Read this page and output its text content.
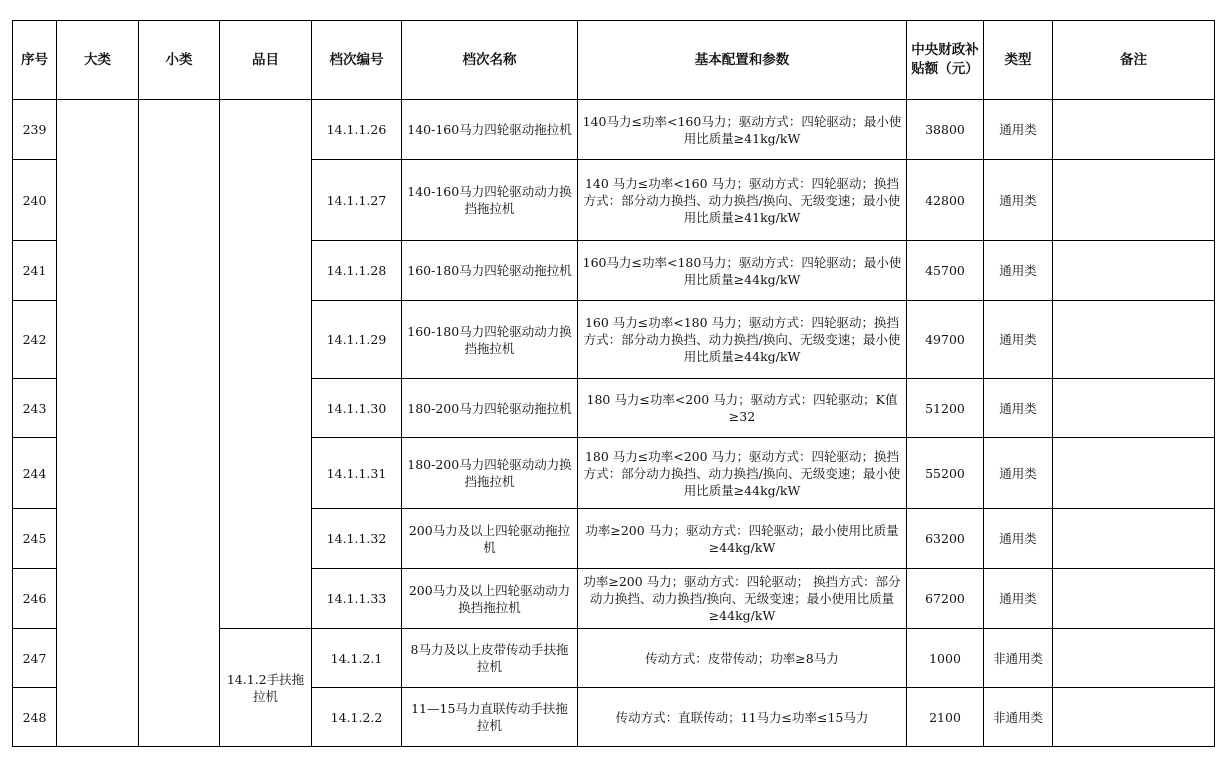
序号	大类	小类	品目	档次编号	档次名称	基本配置和参数	中央财政补贴额（元）	类型	备注
239				14.1.1.26	140-160马力四轮驱动拖拉机	140马力≤功率<160马力；驱动方式：四轮驱动；最小使用比质量≥41kg/kW	38800	通用类	
240				14.1.1.27	140-160马力四轮驱动动力换挡拖拉机	140 马力≤功率<160 马力；驱动方式：四轮驱动；换挡方式：部分动力换挡、动力换挡/换向、无级变速；最小使用比质量≥41kg/kW	42800	通用类	
241				14.1.1.28	160-180马力四轮驱动拖拉机	160马力≤功率<180马力；驱动方式：四轮驱动；最小使用比质量≥44kg/kW	45700	通用类	
242				14.1.1.29	160-180马力四轮驱动动力换挡拖拉机	160 马力≤功率<180 马力；驱动方式：四轮驱动；换挡方式：部分动力换挡、动力换挡/换向、无级变速；最小使用比质量≥44kg/kW	49700	通用类	
243				14.1.1.30	180-200马力四轮驱动拖拉机	180 马力≤功率<200 马力；驱动方式：四轮驱动；K值≥32	51200	通用类	
244				14.1.1.31	180-200马力四轮驱动动力换挡拖拉机	180 马力≤功率<200 马力；驱动方式：四轮驱动；换挡方式：部分动力换挡、动力换挡/换向、无级变速；最小使用比质量≥44kg/kW	55200	通用类	
245				14.1.1.32	200马力及以上四轮驱动拖拉机	功率≥200 马力；驱动方式：四轮驱动；最小使用比质量≥44kg/kW	63200	通用类	
246				14.1.1.33	200马力及以上四轮驱动动力换挡拖拉机	功率≥200 马力；驱动方式：四轮驱动； 换挡方式：部分动力换挡、动力换挡/换向、无级变速；最小使用比质量≥44kg/kW	67200	通用类	
247			14.1.2手扶拖拉机	14.1.2.1	8马力及以上皮带传动手扶拖拉机	传动方式：皮带传动；功率≥8马力	1000	非通用类	
248				14.1.2.2	11—15马力直联传动手扶拖拉机	传动方式：直联传动；11马力≤功率≤15马力	2100	非通用类	
